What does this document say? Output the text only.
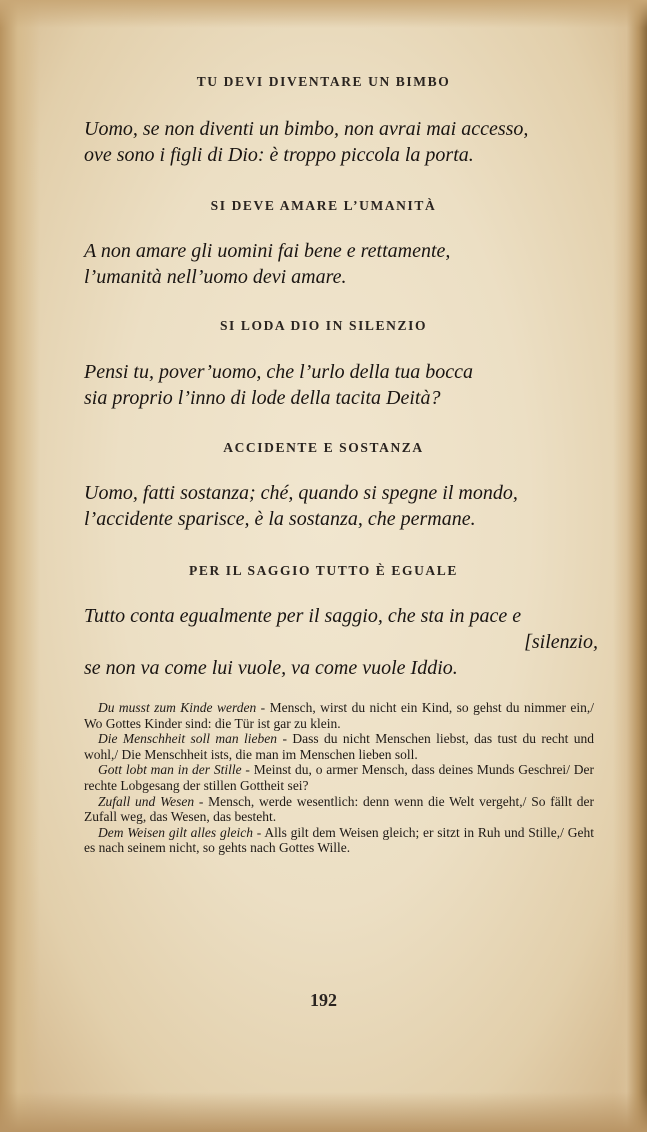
TU DEVI DIVENTARE UN BIMBO
Uomo, se non diventi un bimbo, non avrai mai accesso,
ove sono i figli di Dio: è troppo piccola la porta.
SI DEVE AMARE L’UMANITÀ
A non amare gli uomini fai bene e rettamente,
l’umanità nell’uomo devi amare.
SI LODA DIO IN SILENZIO
Pensi tu, pover’uomo, che l’urlo della tua bocca
sia proprio l’inno di lode della tacita Deità?
ACCIDENTE E SOSTANZA
Uomo, fatti sostanza; ché, quando si spegne il mondo,
l’accidente sparisce, è la sostanza, che permane.
PER IL SAGGIO TUTTO È EGUALE
Tutto conta egualmente per il saggio, che sta in pace e
[silenzio,
se non va come lui vuole, va come vuole Iddio.
Du musst zum Kinde werden - Mensch, wirst du nicht ein Kind, so gehst du nimmer ein,/ Wo Gottes Kinder sind: die Tür ist gar zu klein.
Die Menschheit soll man lieben - Dass du nicht Menschen liebst, das tust du recht und wohl,/ Die Menschheit ists, die man im Menschen lieben soll.
Gott lobt man in der Stille - Meinst du, o armer Mensch, dass deines Munds Geschrei/ Der rechte Lobgesang der stillen Gottheit sei?
Zufall und Wesen - Mensch, werde wesentlich: denn wenn die Welt vergeht,/ So fällt der Zufall weg, das Wesen, das besteht.
Dem Weisen gilt alles gleich - Alls gilt dem Weisen gleich; er sitzt in Ruh und Stille,/ Geht es nach seinem nicht, so gehts nach Gottes Wille.
192
